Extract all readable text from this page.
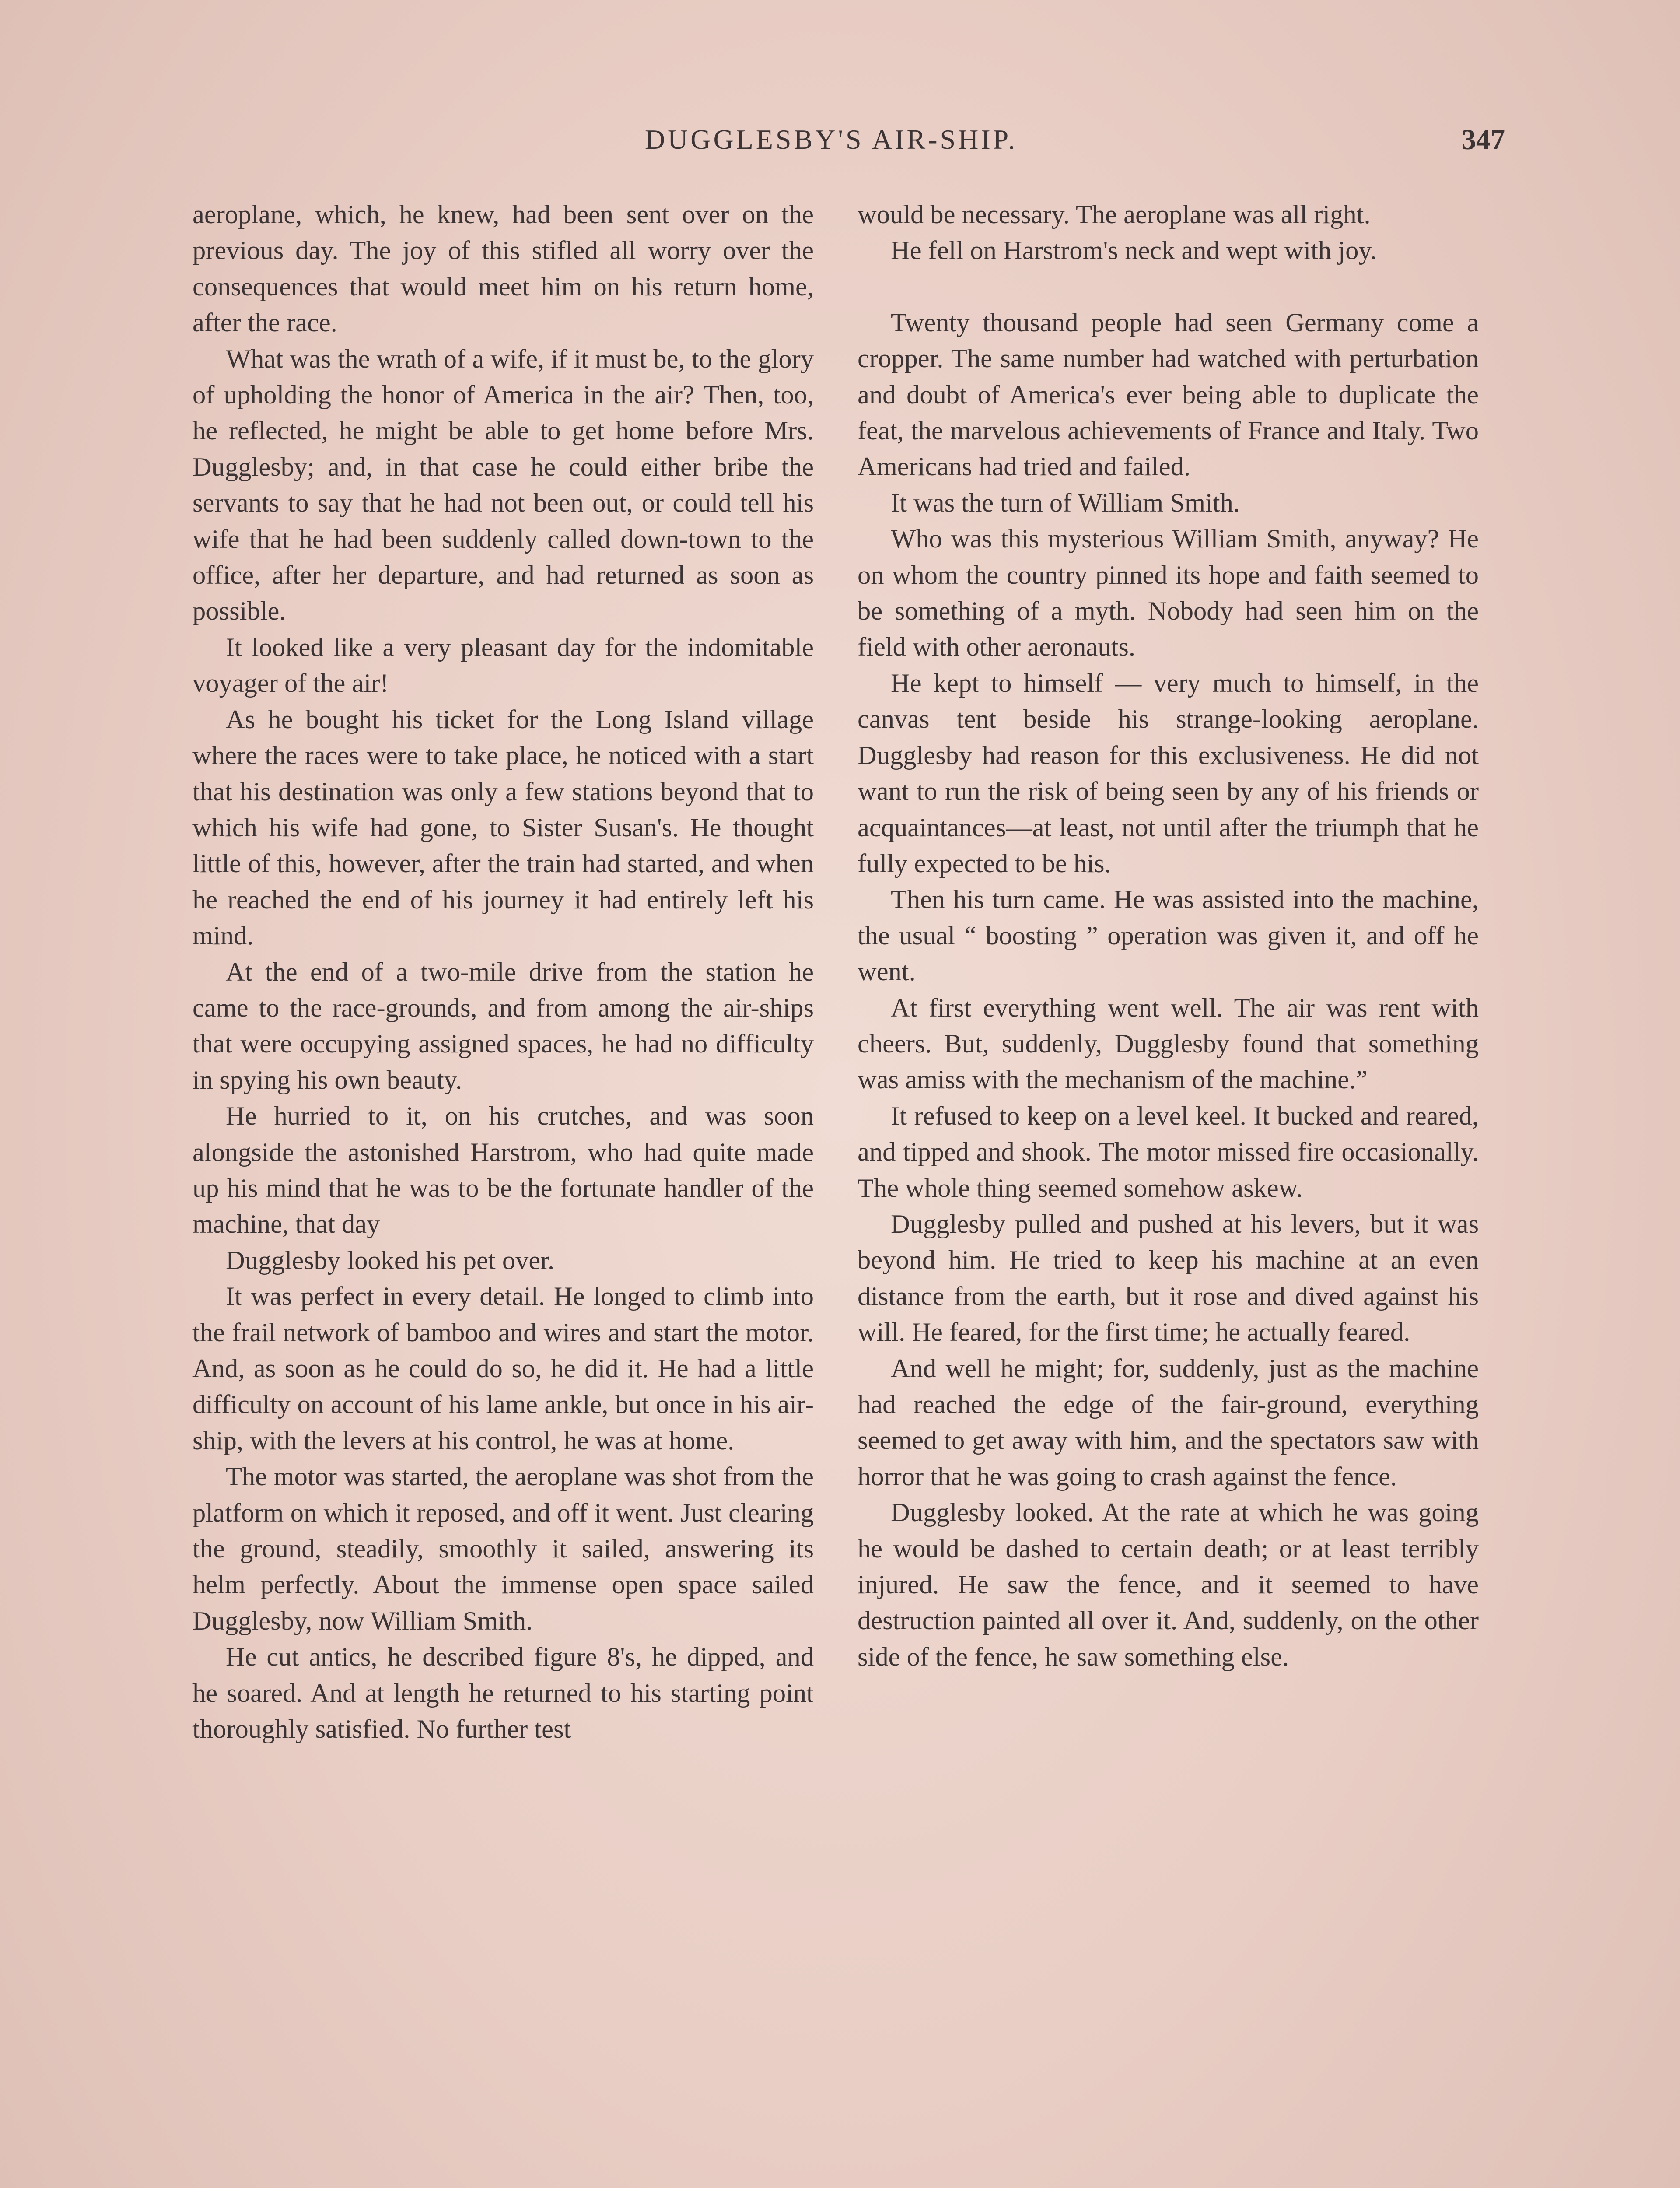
DUGGLESBY'S AIR-SHIP.	347

aeroplane, which, he knew, had been sent over on the previous day. The joy of this stifled all worry over the consequences that would meet him on his return home, after the race.

What was the wrath of a wife, if it must be, to the glory of upholding the honor of America in the air? Then, too, he reflected, he might be able to get home before Mrs. Dugglesby; and, in that case he could either bribe the servants to say that he had not been out, or could tell his wife that he had been suddenly called down-town to the office, after her departure, and had returned as soon as possible.

It looked like a very pleasant day for the indomitable voyager of the air!

As he bought his ticket for the Long Island village where the races were to take place, he noticed with a start that his destination was only a few stations beyond that to which his wife had gone, to Sister Susan's. He thought little of this, however, after the train had started, and when he reached the end of his journey it had entirely left his mind.

At the end of a two-mile drive from the station he came to the race-grounds, and from among the air-ships that were occupying assigned spaces, he had no difficulty in spying his own beauty.

He hurried to it, on his crutches, and was soon alongside the astonished Harstrom, who had quite made up his mind that he was to be the fortunate handler of the machine, that day

Dugglesby looked his pet over.

It was perfect in every detail. He longed to climb into the frail network of bamboo and wires and start the motor. And, as soon as he could do so, he did it. He had a little difficulty on account of his lame ankle, but once in his air-ship, with the levers at his control, he was at home.

The motor was started, the aeroplane was shot from the platform on which it reposed, and off it went. Just clearing the ground, steadily, smoothly it sailed, answering its helm perfectly. About the immense open space sailed Dugglesby, now William Smith.

He cut antics, he described figure 8's, he dipped, and he soared. And at length he returned to his starting point thoroughly satisfied. No further test

would be necessary. The aeroplane was all right.

He fell on Harstrom's neck and wept with joy.

Twenty thousand people had seen Germany come a cropper. The same number had watched with perturbation and doubt of America's ever being able to duplicate the feat, the marvelous achievements of France and Italy. Two Americans had tried and failed.

It was the turn of William Smith.

Who was this mysterious William Smith, anyway? He on whom the country pinned its hope and faith seemed to be something of a myth. Nobody had seen him on the field with other aeronauts.

He kept to himself — very much to himself, in the canvas tent beside his strange-looking aeroplane. Dugglesby had reason for this exclusiveness. He did not want to run the risk of being seen by any of his friends or acquaintances—at least, not until after the triumph that he fully expected to be his.

Then his turn came. He was assisted into the machine, the usual “ boosting ” operation was given it, and off he went.

At first everything went well. The air was rent with cheers. But, suddenly, Dugglesby found that something was amiss with the mechanism of the machine.”

It refused to keep on a level keel. It bucked and reared, and tipped and shook. The motor missed fire occasionally. The whole thing seemed somehow askew.

Dugglesby pulled and pushed at his levers, but it was beyond him. He tried to keep his machine at an even distance from the earth, but it rose and dived against his will. He feared, for the first time; he actually feared.

And well he might; for, suddenly, just as the machine had reached the edge of the fair-ground, everything seemed to get away with him, and the spectators saw with horror that he was going to crash against the fence.

Dugglesby looked. At the rate at which he was going he would be dashed to certain death; or at least terribly injured. He saw the fence, and it seemed to have destruction painted all over it. And, suddenly, on the other side of the fence, he saw something else.
